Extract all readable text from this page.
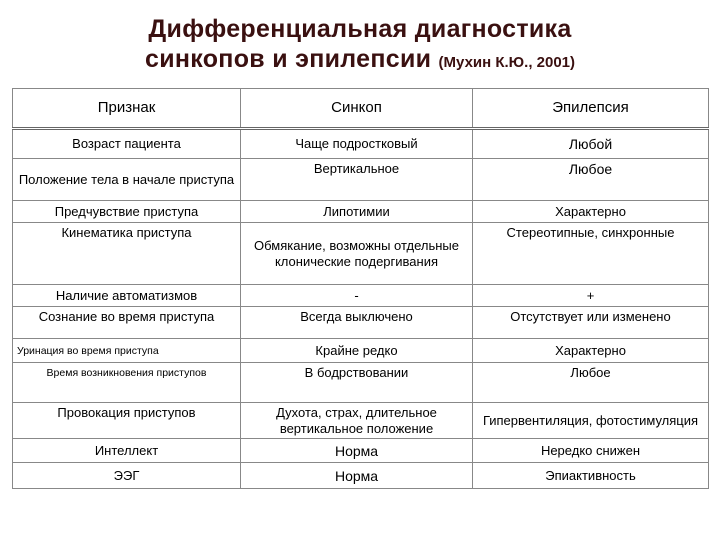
Дифференциальная диагностика
синкопов и эпилепсии (Мухин К.Ю., 2001)
Признак	Синкоп	Эпилепсия
Возраст пациента	Чаще подростковый	Любой
Положение тела в начале приступа	Вертикальное	Любое
Предчувствие приступа	Липотимии	Характерно
Кинематика приступа	Обмякание, возможны отдельные клонические подергивания	Стереотипные, синхронные
Наличие автоматизмов	-	+
Сознание во время приступа	Всегда выключено	Отсутствует или изменено
Уринация во время приступа	Крайне редко	Характерно
Время возникновения приступов	В бодрствовании	Любое
Провокация приступов	Духота, страх, длительное вертикальное положение	Гипервентиляция, фотостимуляция
Интеллект	Норма	Нередко снижен
ЭЭГ	Норма	Эпиактивность
